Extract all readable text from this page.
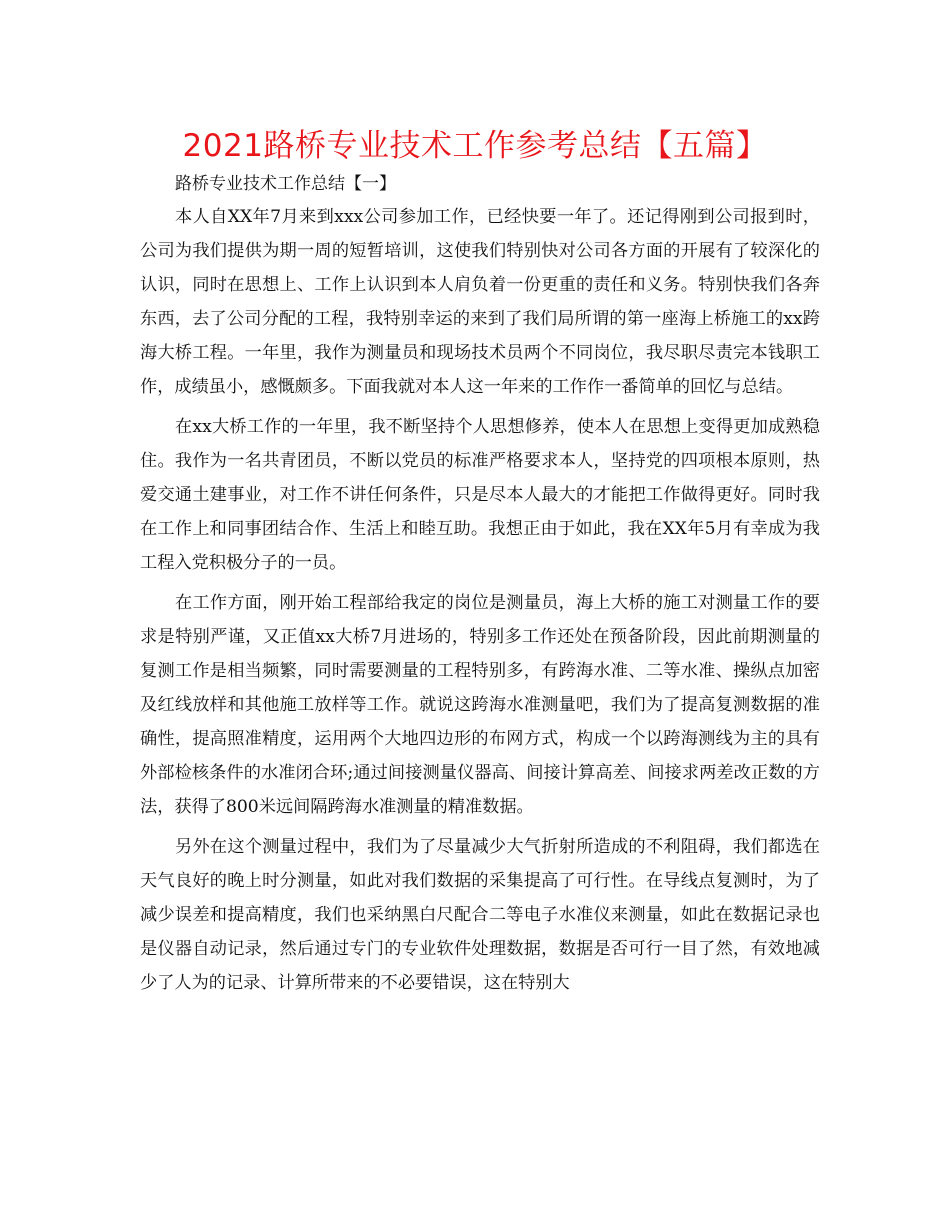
2021路桥专业技术工作参考总结【五篇】

路桥专业技术工作总结【一】

本人自XX年7月来到xxx公司参加工作，已经快要一年了。还记得刚到公司报到时，公司为我们提供为期一周的短暂培训，这使我们特别快对公司各方面的开展有了较深化的认识，同时在思想上、工作上认识到本人肩负着一份更重的责任和义务。特别快我们各奔东西，去了公司分配的工程，我特别幸运的来到了我们局所谓的第一座海上桥施工的xx跨海大桥工程。一年里，我作为测量员和现场技术员两个不同岗位，我尽职尽责完本钱职工作，成绩虽小，感慨颇多。下面我就对本人这一年来的工作作一番简单的回忆与总结。

在xx大桥工作的一年里，我不断坚持个人思想修养，使本人在思想上变得更加成熟稳住。我作为一名共青团员，不断以党员的标准严格要求本人，坚持党的四项根本原则，热爱交通土建事业，对工作不讲任何条件，只是尽本人最大的才能把工作做得更好。同时我在工作上和同事团结合作、生活上和睦互助。我想正由于如此，我在XX年5月有幸成为我工程入党积极分子的一员。

在工作方面，刚开始工程部给我定的岗位是测量员，海上大桥的施工对测量工作的要求是特别严谨，又正值xx大桥7月进场的，特别多工作还处在预备阶段，因此前期测量的复测工作是相当频繁，同时需要测量的工程特别多，有跨海水准、二等水准、操纵点加密及红线放样和其他施工放样等工作。就说这跨海水准测量吧，我们为了提高复测数据的准确性，提高照准精度，运用两个大地四边形的布网方式，构成一个以跨海测线为主的具有外部检核条件的水准闭合环;通过间接测量仪器高、间接计算高差、间接求两差改正数的方法，获得了800米远间隔跨海水准测量的精准数据。

另外在这个测量过程中，我们为了尽量减少大气折射所造成的不利阻碍，我们都选在天气良好的晚上时分测量，如此对我们数据的采集提高了可行性。在导线点复测时，为了减少误差和提高精度，我们也采纳黑白尺配合二等电子水准仪来测量，如此在数据记录也是仪器自动记录，然后通过专门的专业软件处理数据，数据是否可行一目了然，有效地减少了人为的记录、计算所带来的不必要错误，这在特别大
